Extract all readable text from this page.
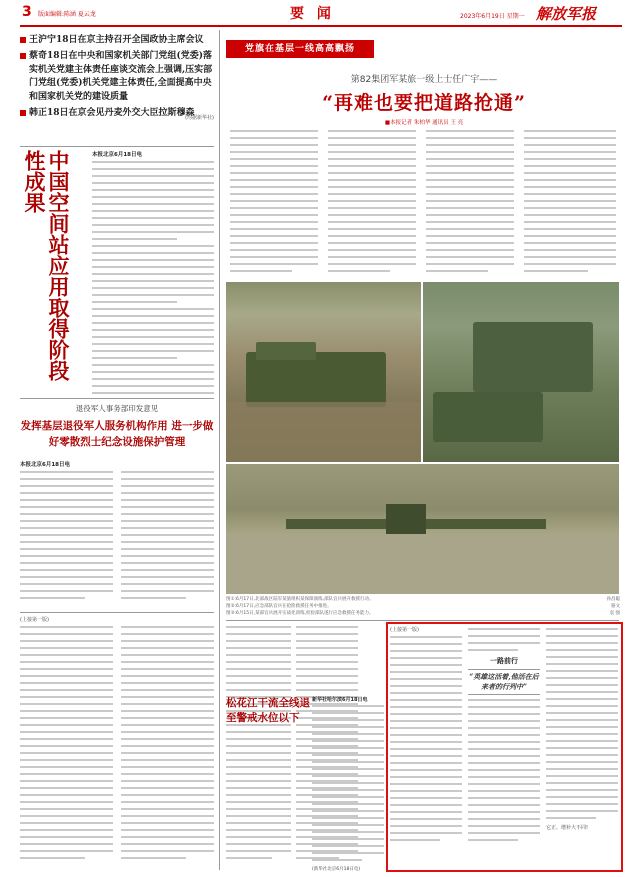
3 版面编辑:陈涵 夏云龙	要 闻	2023年6月19日 星期一 解放军报
王沪宁18日在京主持召开全国政协主席会议
蔡奇18日在中央和国家机关部门党组(党委)落实机关党建主体责任座谈交流会上强调,压实部门党组(党委)机关党建主体责任,全面提高中央和国家机关党的建设质量
韩正18日在京会见丹麦外交大臣拉斯穆森
(均据新华社)
中国空间站应用取得阶段性成果	本报北京6月18日电
退役军人事务部印发意见
发挥基层退役军人服务机构作用 进一步做好零散烈士纪念设施保护管理
本报北京6月18日电
(上接第一版)
党旗在基层一线高高飘扬
第82集团军某旅一级上士任广宇——
“再难也要把道路抢通”
■本报记者 朱柏华 通讯员 王 亮
图①:6月17日,北部战区陆军某旅组织某保障演练,部队官兵展开救援行动。
图②:6月17日,应急部队官兵在抢险救援任务中推进。
图③:6月15日,某部官兵展开实战化训练,检验部队遂行应急救援任务能力。
孙昌聪
骆文
袁 强
松花江干流全线退至警戒水位以下
新华社哈尔滨6月18日电
(新华社北京6月18日电)
(上接第一版)
一路前行
“英雄这活着,他活在后来者的行列中”
它正、增补大不同!
